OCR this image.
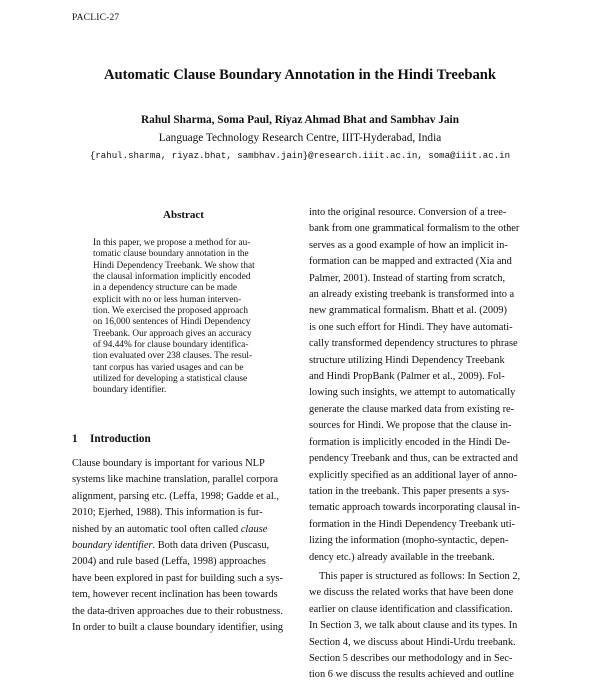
PACLIC-27
Automatic Clause Boundary Annotation in the Hindi Treebank
Rahul Sharma, Soma Paul, Riyaz Ahmad Bhat and Sambhav Jain
Language Technology Research Centre, IIIT-Hyderabad, India
{rahul.sharma, riyaz.bhat, sambhav.jain}@research.iiit.ac.in, soma@iiit.ac.in
Abstract
In this paper, we propose a method for au-
tomatic clause boundary annotation in the
Hindi Dependency Treebank. We show that
the clausal information implicitly encoded
in a dependency structure can be made
explicit with no or less human interven-
tion. We exercised the proposed approach
on 16,000 sentences of Hindi Dependency
Treebank. Our approach gives an accuracy
of 94.44% for clause boundary identifica-
tion evaluated over 238 clauses. The resul-
tant corpus has varied usages and can be
utilized for developing a statistical clause
boundary identifier.
1 Introduction
Clause boundary is important for various NLP
systems like machine translation, parallel corpora
alignment, parsing etc. (Leffa, 1998; Gadde et al.,
2010; Ejerhed, 1988). This information is fur-
nished by an automatic tool often called clause
boundary identifier. Both data driven (Puscasu,
2004) and rule based (Leffa, 1998) approaches
have been explored in past for building such a sys-
tem, however recent inclination has been towards
the data-driven approaches due to their robustness.
In order to built a clause boundary identifier, using
into the original resource. Conversion of a tree-
bank from one grammatical formalism to the other
serves as a good example of how an implicit in-
formation can be mapped and extracted (Xia and
Palmer, 2001). Instead of starting from scratch,
an already existing treebank is transformed into a
new grammatical formalism. Bhatt et al. (2009)
is one such effort for Hindi. They have automati-
cally transformed dependency structures to phrase
structure utilizing Hindi Dependency Treebank
and Hindi PropBank (Palmer et al., 2009). Fol-
lowing such insights, we attempt to automatically
generate the clause marked data from existing re-
sources for Hindi. We propose that the clause in-
formation is implicitly encoded in the Hindi De-
pendency Treebank and thus, can be extracted and
explicitly specified as an additional layer of anno-
tation in the treebank. This paper presents a sys-
tematic approach towards incorporating clausal in-
formation in the Hindi Dependency Treebank uti-
lizing the information (mopho-syntactic, depen-
dency etc.) already available in the treebank.
This paper is structured as follows: In Section 2,
we discuss the related works that have been done
earlier on clause identification and classification.
In Section 3, we talk about clause and its types. In
Section 4, we discuss about Hindi-Urdu treebank.
Section 5 describes our methodology and in Sec-
tion 6 we discuss the results achieved and outline
